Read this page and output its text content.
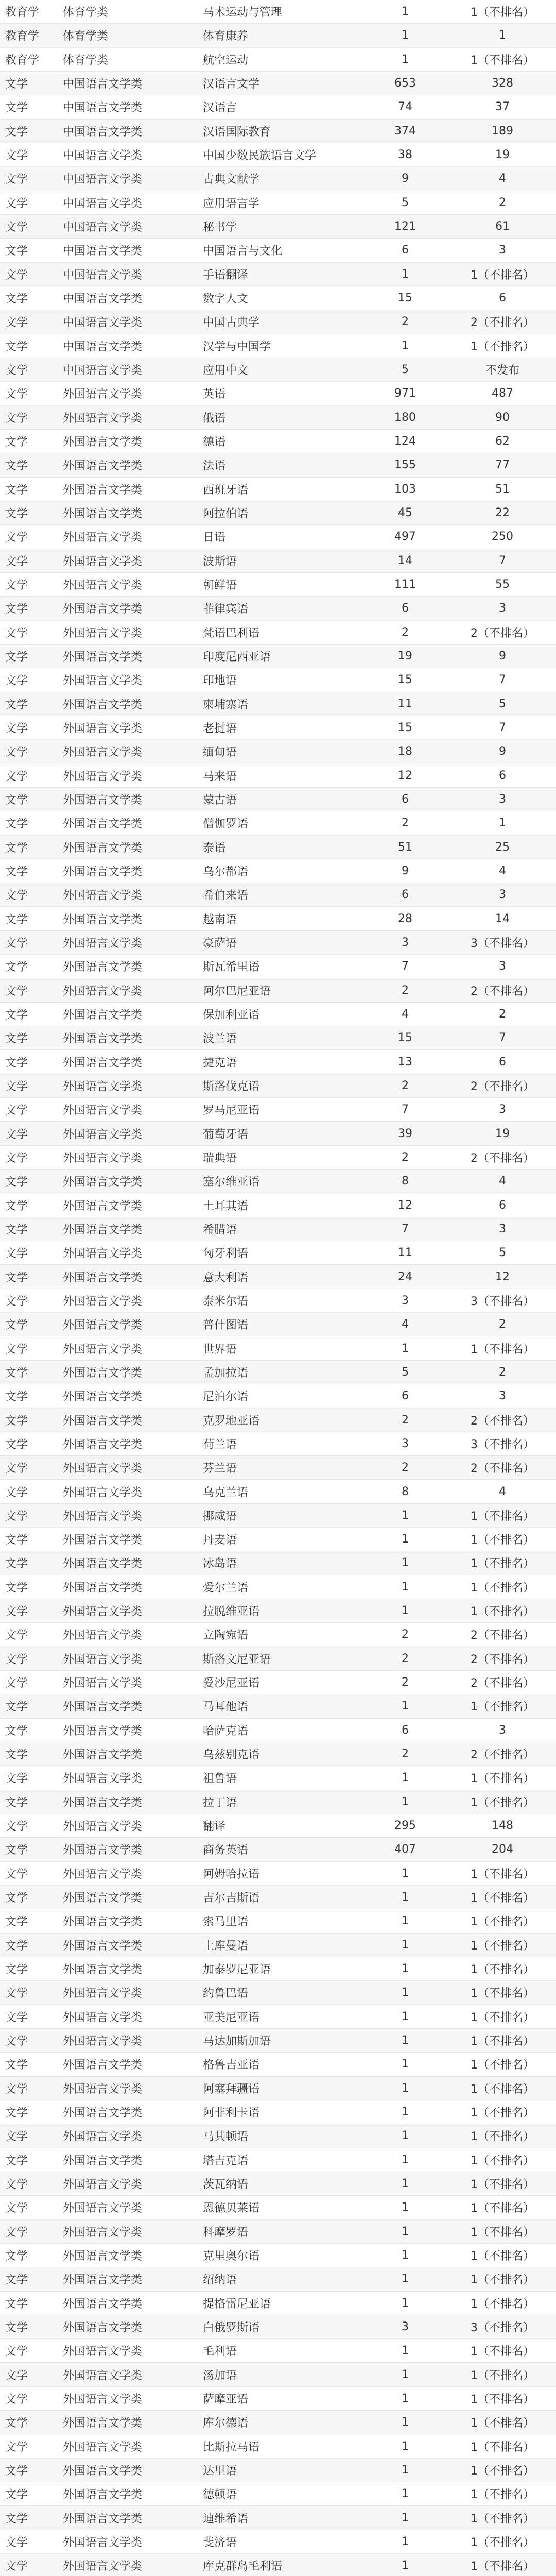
教育学	体育学类	马术运动与管理	1	1（不排名）
教育学	体育学类	体育康养	1	1
教育学	体育学类	航空运动	1	1（不排名）
文学	中国语言文学类	汉语言文学	653	328
文学	中国语言文学类	汉语言	74	37
文学	中国语言文学类	汉语国际教育	374	189
文学	中国语言文学类	中国少数民族语言文学	38	19
文学	中国语言文学类	古典文献学	9	4
文学	中国语言文学类	应用语言学	5	2
文学	中国语言文学类	秘书学	121	61
文学	中国语言文学类	中国语言与文化	6	3
文学	中国语言文学类	手语翻译	1	1（不排名）
文学	中国语言文学类	数字人文	15	6
文学	中国语言文学类	中国古典学	2	2（不排名）
文学	中国语言文学类	汉学与中国学	1	1（不排名）
文学	中国语言文学类	应用中文	5	不发布
文学	外国语言文学类	英语	971	487
文学	外国语言文学类	俄语	180	90
文学	外国语言文学类	德语	124	62
文学	外国语言文学类	法语	155	77
文学	外国语言文学类	西班牙语	103	51
文学	外国语言文学类	阿拉伯语	45	22
文学	外国语言文学类	日语	497	250
文学	外国语言文学类	波斯语	14	7
文学	外国语言文学类	朝鲜语	111	55
文学	外国语言文学类	菲律宾语	6	3
文学	外国语言文学类	梵语巴利语	2	2（不排名）
文学	外国语言文学类	印度尼西亚语	19	9
文学	外国语言文学类	印地语	15	7
文学	外国语言文学类	柬埔寨语	11	5
文学	外国语言文学类	老挝语	15	7
文学	外国语言文学类	缅甸语	18	9
文学	外国语言文学类	马来语	12	6
文学	外国语言文学类	蒙古语	6	3
文学	外国语言文学类	僧伽罗语	2	1
文学	外国语言文学类	泰语	51	25
文学	外国语言文学类	乌尔都语	9	4
文学	外国语言文学类	希伯来语	6	3
文学	外国语言文学类	越南语	28	14
文学	外国语言文学类	豪萨语	3	3（不排名）
文学	外国语言文学类	斯瓦希里语	7	3
文学	外国语言文学类	阿尔巴尼亚语	2	2（不排名）
文学	外国语言文学类	保加利亚语	4	2
文学	外国语言文学类	波兰语	15	7
文学	外国语言文学类	捷克语	13	6
文学	外国语言文学类	斯洛伐克语	2	2（不排名）
文学	外国语言文学类	罗马尼亚语	7	3
文学	外国语言文学类	葡萄牙语	39	19
文学	外国语言文学类	瑞典语	2	2（不排名）
文学	外国语言文学类	塞尔维亚语	8	4
文学	外国语言文学类	土耳其语	12	6
文学	外国语言文学类	希腊语	7	3
文学	外国语言文学类	匈牙利语	11	5
文学	外国语言文学类	意大利语	24	12
文学	外国语言文学类	泰米尔语	3	3（不排名）
文学	外国语言文学类	普什图语	4	2
文学	外国语言文学类	世界语	1	1（不排名）
文学	外国语言文学类	孟加拉语	5	2
文学	外国语言文学类	尼泊尔语	6	3
文学	外国语言文学类	克罗地亚语	2	2（不排名）
文学	外国语言文学类	荷兰语	3	3（不排名）
文学	外国语言文学类	芬兰语	2	2（不排名）
文学	外国语言文学类	乌克兰语	8	4
文学	外国语言文学类	挪威语	1	1（不排名）
文学	外国语言文学类	丹麦语	1	1（不排名）
文学	外国语言文学类	冰岛语	1	1（不排名）
文学	外国语言文学类	爱尔兰语	1	1（不排名）
文学	外国语言文学类	拉脱维亚语	1	1（不排名）
文学	外国语言文学类	立陶宛语	2	2（不排名）
文学	外国语言文学类	斯洛文尼亚语	2	2（不排名）
文学	外国语言文学类	爱沙尼亚语	2	2（不排名）
文学	外国语言文学类	马耳他语	1	1（不排名）
文学	外国语言文学类	哈萨克语	6	3
文学	外国语言文学类	乌兹别克语	2	2（不排名）
文学	外国语言文学类	祖鲁语	1	1（不排名）
文学	外国语言文学类	拉丁语	1	1（不排名）
文学	外国语言文学类	翻译	295	148
文学	外国语言文学类	商务英语	407	204
文学	外国语言文学类	阿姆哈拉语	1	1（不排名）
文学	外国语言文学类	吉尔吉斯语	1	1（不排名）
文学	外国语言文学类	索马里语	1	1（不排名）
文学	外国语言文学类	土库曼语	1	1（不排名）
文学	外国语言文学类	加泰罗尼亚语	1	1（不排名）
文学	外国语言文学类	约鲁巴语	1	1（不排名）
文学	外国语言文学类	亚美尼亚语	1	1（不排名）
文学	外国语言文学类	马达加斯加语	1	1（不排名）
文学	外国语言文学类	格鲁吉亚语	1	1（不排名）
文学	外国语言文学类	阿塞拜疆语	1	1（不排名）
文学	外国语言文学类	阿非利卡语	1	1（不排名）
文学	外国语言文学类	马其顿语	1	1（不排名）
文学	外国语言文学类	塔吉克语	1	1（不排名）
文学	外国语言文学类	茨瓦纳语	1	1（不排名）
文学	外国语言文学类	恩德贝莱语	1	1（不排名）
文学	外国语言文学类	科摩罗语	1	1（不排名）
文学	外国语言文学类	克里奥尔语	1	1（不排名）
文学	外国语言文学类	绍纳语	1	1（不排名）
文学	外国语言文学类	提格雷尼亚语	1	1（不排名）
文学	外国语言文学类	白俄罗斯语	3	3（不排名）
文学	外国语言文学类	毛利语	1	1（不排名）
文学	外国语言文学类	汤加语	1	1（不排名）
文学	外国语言文学类	萨摩亚语	1	1（不排名）
文学	外国语言文学类	库尔德语	1	1（不排名）
文学	外国语言文学类	比斯拉马语	1	1（不排名）
文学	外国语言文学类	达里语	1	1（不排名）
文学	外国语言文学类	德顿语	1	1（不排名）
文学	外国语言文学类	迪维希语	1	1（不排名）
文学	外国语言文学类	斐济语	1	1（不排名）
文学	外国语言文学类	库克群岛毛利语	1	1（不排名）
